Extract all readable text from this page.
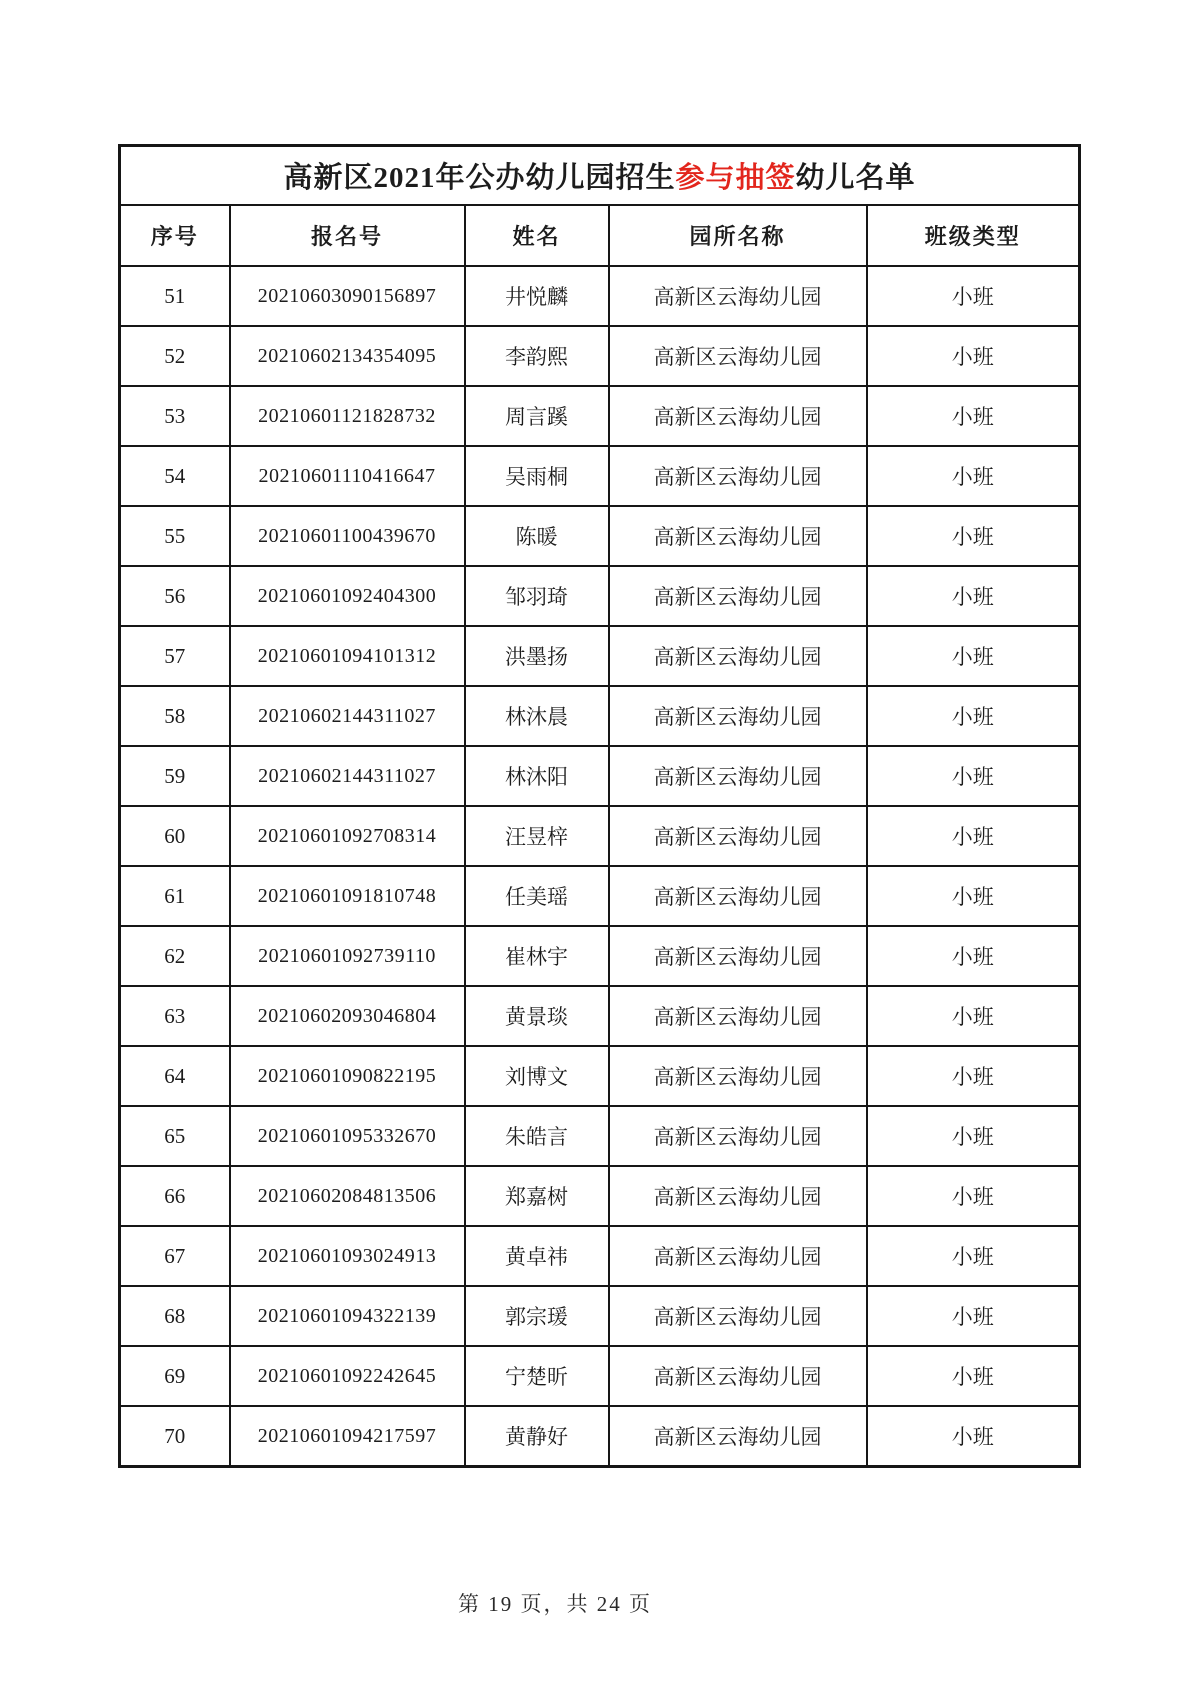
高新区2021年公办幼儿园招生参与抽签幼儿名单				
序号	报名号	姓名	园所名称	班级类型
51	20210603090156897	井悦麟	高新区云海幼儿园	小班
52	20210602134354095	李韵熙	高新区云海幼儿园	小班
53	20210601121828732	周言蹊	高新区云海幼儿园	小班
54	20210601110416647	吴雨桐	高新区云海幼儿园	小班
55	20210601100439670	陈暖	高新区云海幼儿园	小班
56	20210601092404300	邹羽琦	高新区云海幼儿园	小班
57	20210601094101312	洪墨扬	高新区云海幼儿园	小班
58	20210602144311027	林沐晨	高新区云海幼儿园	小班
59	20210602144311027	林沐阳	高新区云海幼儿园	小班
60	20210601092708314	汪昱梓	高新区云海幼儿园	小班
61	20210601091810748	任美瑶	高新区云海幼儿园	小班
62	20210601092739110	崔林宇	高新区云海幼儿园	小班
63	20210602093046804	黄景琰	高新区云海幼儿园	小班
64	20210601090822195	刘博文	高新区云海幼儿园	小班
65	20210601095332670	朱皓言	高新区云海幼儿园	小班
66	20210602084813506	郑嘉树	高新区云海幼儿园	小班
67	20210601093024913	黄卓祎	高新区云海幼儿园	小班
68	20210601094322139	郭宗瑗	高新区云海幼儿园	小班
69	20210601092242645	宁楚昕	高新区云海幼儿园	小班
70	20210601094217597	黄静好	高新区云海幼儿园	小班
第 19 页，共 24 页
